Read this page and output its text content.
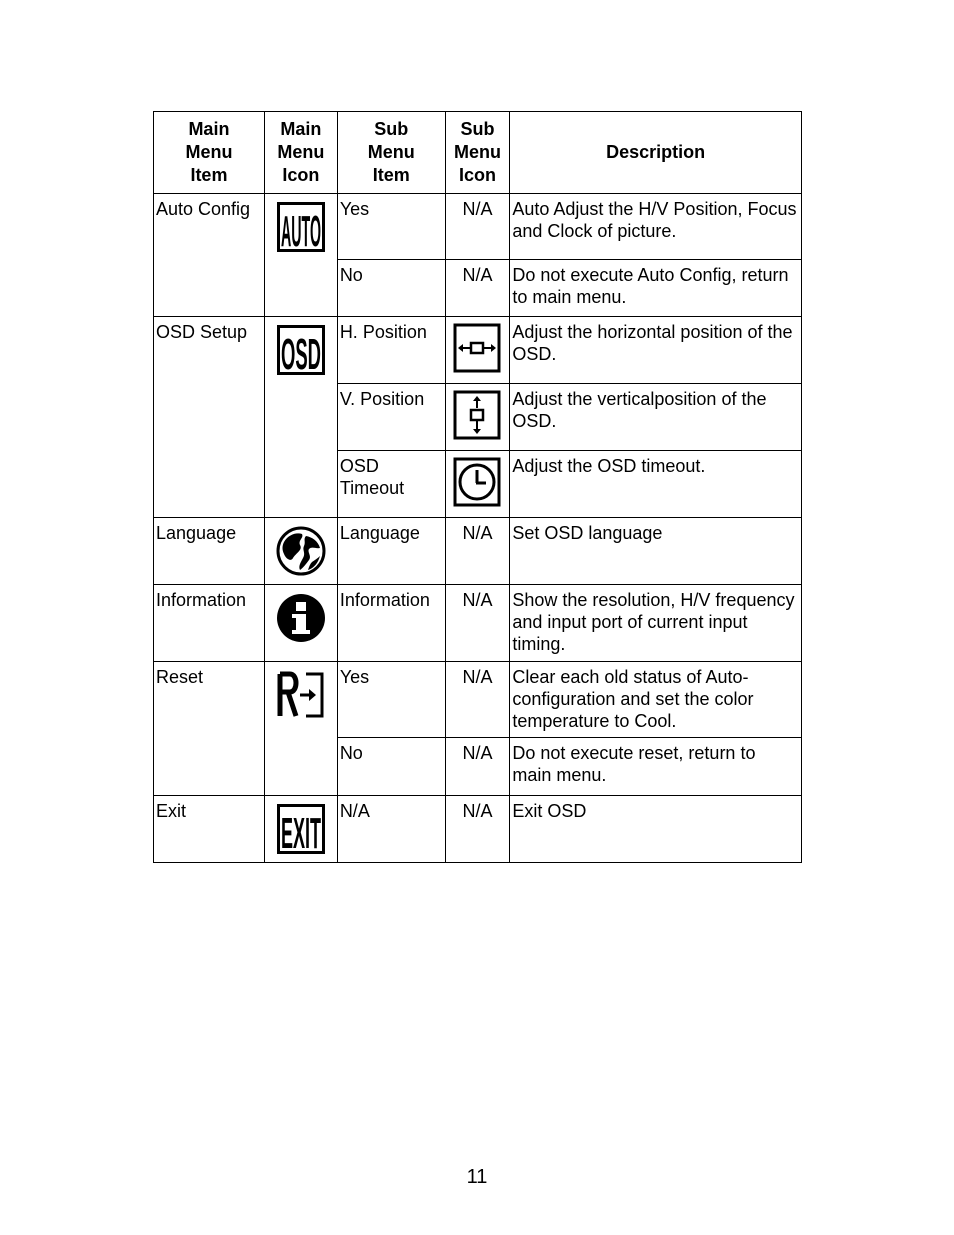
Main
Menu
Item	Main
Menu
Icon	Sub
Menu
Item	Sub
Menu
Icon	Description

Auto Config	AUTO	Yes	N/A	Auto Adjust the H/V Position, Focus and Clock of picture.

		No	N/A	Do not execute Auto Config, return to main menu.

OSD Setup	OSD	H. Position		Adjust the horizontal position of the OSD.

		V. Position		Adjust the verticalposition of the OSD.

		OSD Timeout		Adjust the OSD timeout.

Language		Language	N/A	Set OSD language

Information		Information	N/A	Show the resolution, H/V frequency and input port of current input timing.

Reset		Yes	N/A	Clear each old status of Auto-configuration and set the color temperature to Cool.

		No	N/A	Do not execute reset, return to main menu.

Exit	EXIT	N/A	N/A	Exit OSD
11
